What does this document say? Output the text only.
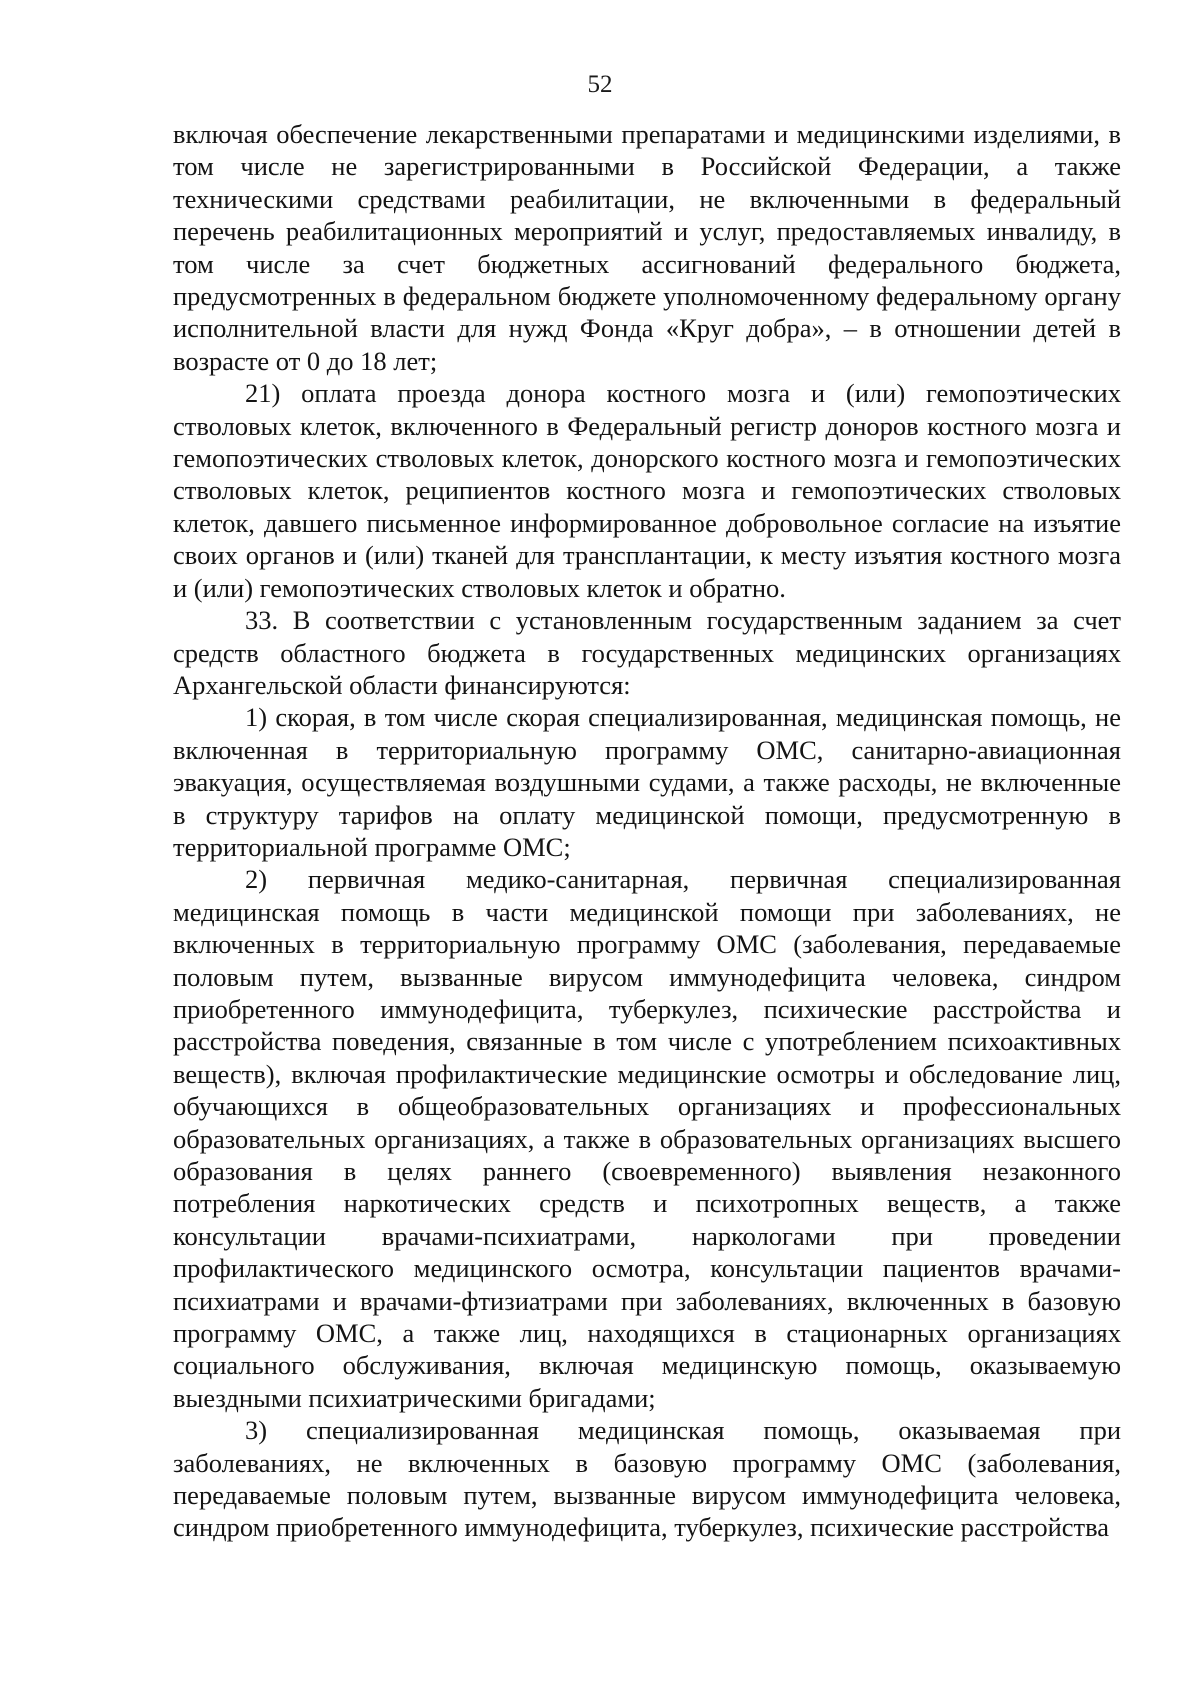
52

включая обеспечение лекарственными препаратами и медицинскими изделиями, в том числе не зарегистрированными в Российской Федерации, а также техническими средствами реабилитации, не включенными в федеральный перечень реабилитационных мероприятий и услуг, предоставляемых инвалиду, в том числе за счет бюджетных ассигнований федерального бюджета, предусмотренных в федеральном бюджете уполномоченному федеральному органу исполнительной власти для нужд Фонда «Круг добра», – в отношении детей в возрасте от 0 до 18 лет;

21) оплата проезда донора костного мозга и (или) гемопоэтических стволовых клеток, включенного в Федеральный регистр доноров костного мозга и гемопоэтических стволовых клеток, донорского костного мозга и гемопоэтических стволовых клеток, реципиентов костного мозга и гемопоэтических стволовых клеток, давшего письменное информированное добровольное согласие на изъятие своих органов и (или) тканей для трансплантации, к месту изъятия костного мозга и (или) гемопоэтических стволовых клеток и обратно.

33. В соответствии с установленным государственным заданием за счет средств областного бюджета в государственных медицинских организациях Архангельской области финансируются:

1) скорая, в том числе скорая специализированная, медицинская помощь, не включенная в территориальную программу ОМС, санитарно-авиационная эвакуация, осуществляемая воздушными судами, а также расходы, не включенные в структуру тарифов на оплату медицинской помощи, предусмотренную в территориальной программе ОМС;

2) первичная медико-санитарная, первичная специализированная медицинская помощь в части медицинской помощи при заболеваниях, не включенных в территориальную программу ОМС (заболевания, передаваемые половым путем, вызванные вирусом иммунодефицита человека, синдром приобретенного иммунодефицита, туберкулез, психические расстройства и расстройства поведения, связанные в том числе с употреблением психоактивных веществ), включая профилактические медицинские осмотры и обследование лиц, обучающихся в общеобразовательных организациях и профессиональных образовательных организациях, а также в образовательных организациях высшего образования в целях раннего (своевременного) выявления незаконного потребления наркотических средств и психотропных веществ, а также консультации врачами-психиатрами, наркологами при проведении профилактического медицинского осмотра, консультации пациентов врачами-психиатрами и врачами-фтизиатрами при заболеваниях, включенных в базовую программу ОМС, а также лиц, находящихся в стационарных организациях социального обслуживания, включая медицинскую помощь, оказываемую выездными психиатрическими бригадами;

3) специализированная медицинская помощь, оказываемая при заболеваниях, не включенных в базовую программу ОМС (заболевания, передаваемые половым путем, вызванные вирусом иммунодефицита человека, синдром приобретенного иммунодефицита, туберкулез, психические расстройства
